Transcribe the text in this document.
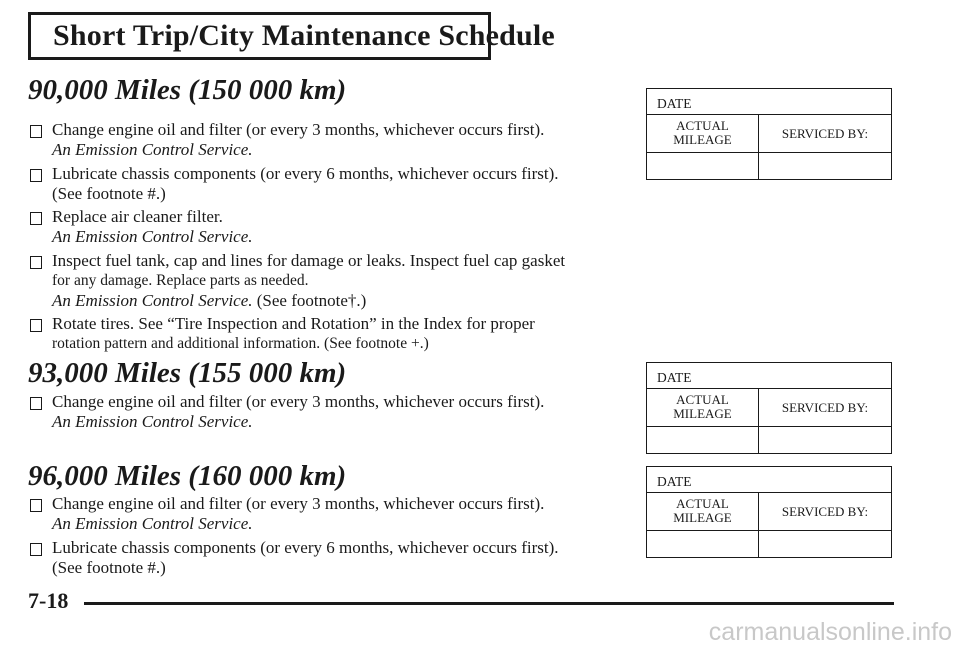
Short Trip/City Maintenance Schedule
90,000 Miles (150 000 km)
Change engine oil and filter (or every 3 months, whichever occurs first).
An Emission Control Service.
Lubricate chassis components (or every 6 months, whichever occurs first).
(See footnote #.)
Replace air cleaner filter.
An Emission Control Service.
Inspect fuel tank, cap and lines for damage or leaks. Inspect fuel cap gasket
for any damage. Replace parts as needed.
An Emission Control Service. (See footnote†.)
Rotate tires. See “Tire Inspection and Rotation” in the Index for proper
rotation pattern and additional information. (See footnote +.)
93,000 Miles (155 000 km)
Change engine oil and filter (or every 3 months, whichever occurs first).
An Emission Control Service.
96,000 Miles (160 000 km)
Change engine oil and filter (or every 3 months, whichever occurs first).
An Emission Control Service.
Lubricate chassis components (or every 6 months, whichever occurs first).
(See footnote #.)
DATE
ACTUAL
MILEAGE	SERVICED BY:
DATE
ACTUAL
MILEAGE	SERVICED BY:
DATE
ACTUAL
MILEAGE	SERVICED BY:
7-18
carmanualsonline.info
